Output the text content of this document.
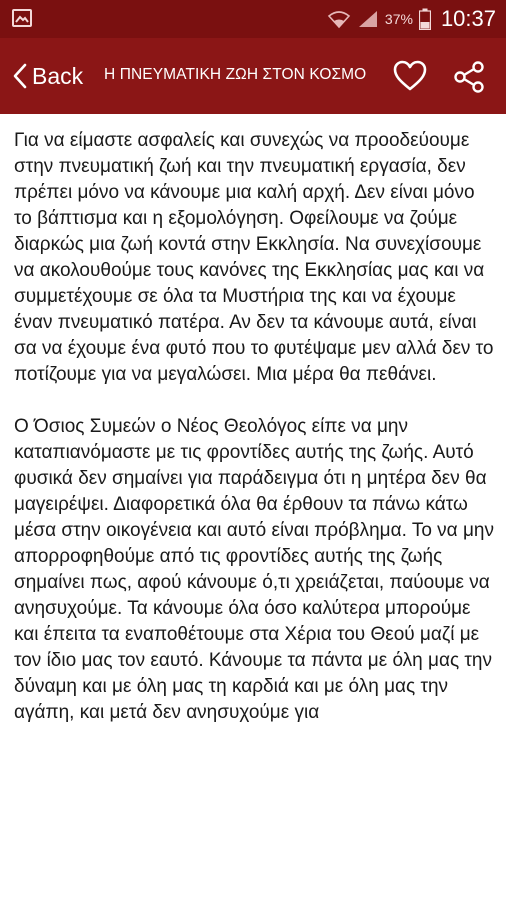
37% 10:37
Back Η ΠΝΕΥΜΑΤΙΚΗ ΖΩΗ ΣΤΟΝ ΚΟΣΜΟ

Για να είμαστε ασφαλείς και συνεχώς να προοδεύουμε στην πνευματική ζωή και την πνευματική εργασία, δεν πρέπει μόνο να κάνουμε μια καλή αρχή. Δεν είναι μόνο το βάπτισμα και η εξομολόγηση. Οφείλουμε να ζούμε διαρκώς μια ζωή κοντά στην Εκκλησία. Να συνεχίσουμε να ακολουθούμε τους κανόνες της Εκκλησίας μας και να συμμετέχουμε σε όλα τα Μυστήρια της και να έχουμε έναν πνευματικό πατέρα. Αν δεν τα κάνουμε αυτά, είναι σα να έχουμε ένα φυτό που το φυτέψαμε μεν αλλά δεν το ποτίζουμε για να μεγαλώσει. Μια μέρα θα πεθάνει.

Ο Όσιος Συμεών ο Νέος Θεολόγος είπε να μην καταπιανόμαστε με τις φροντίδες αυτής της ζωής. Αυτό φυσικά δεν σημαίνει για παράδειγμα ότι η μητέρα δεν θα μαγειρέψει. Διαφορετικά όλα θα έρθουν τα πάνω κάτω μέσα στην οικογένεια και αυτό είναι πρόβλημα. Το να μην απορροφηθούμε από τις φροντίδες αυτής της ζωής σημαίνει πως, αφού κάνουμε ό,τι χρειάζεται, παύουμε να ανησυχούμε. Τα κάνουμε όλα όσο καλύτερα μπορούμε και έπειτα τα εναποθέτουμε στα Χέρια του Θεού μαζί με τον ίδιο μας τον εαυτό. Κάνουμε τα πάντα με όλη μας την δύναμη και με όλη μας τη καρδιά και με όλη μας την αγάπη, και μετά δεν ανησυχούμε για
